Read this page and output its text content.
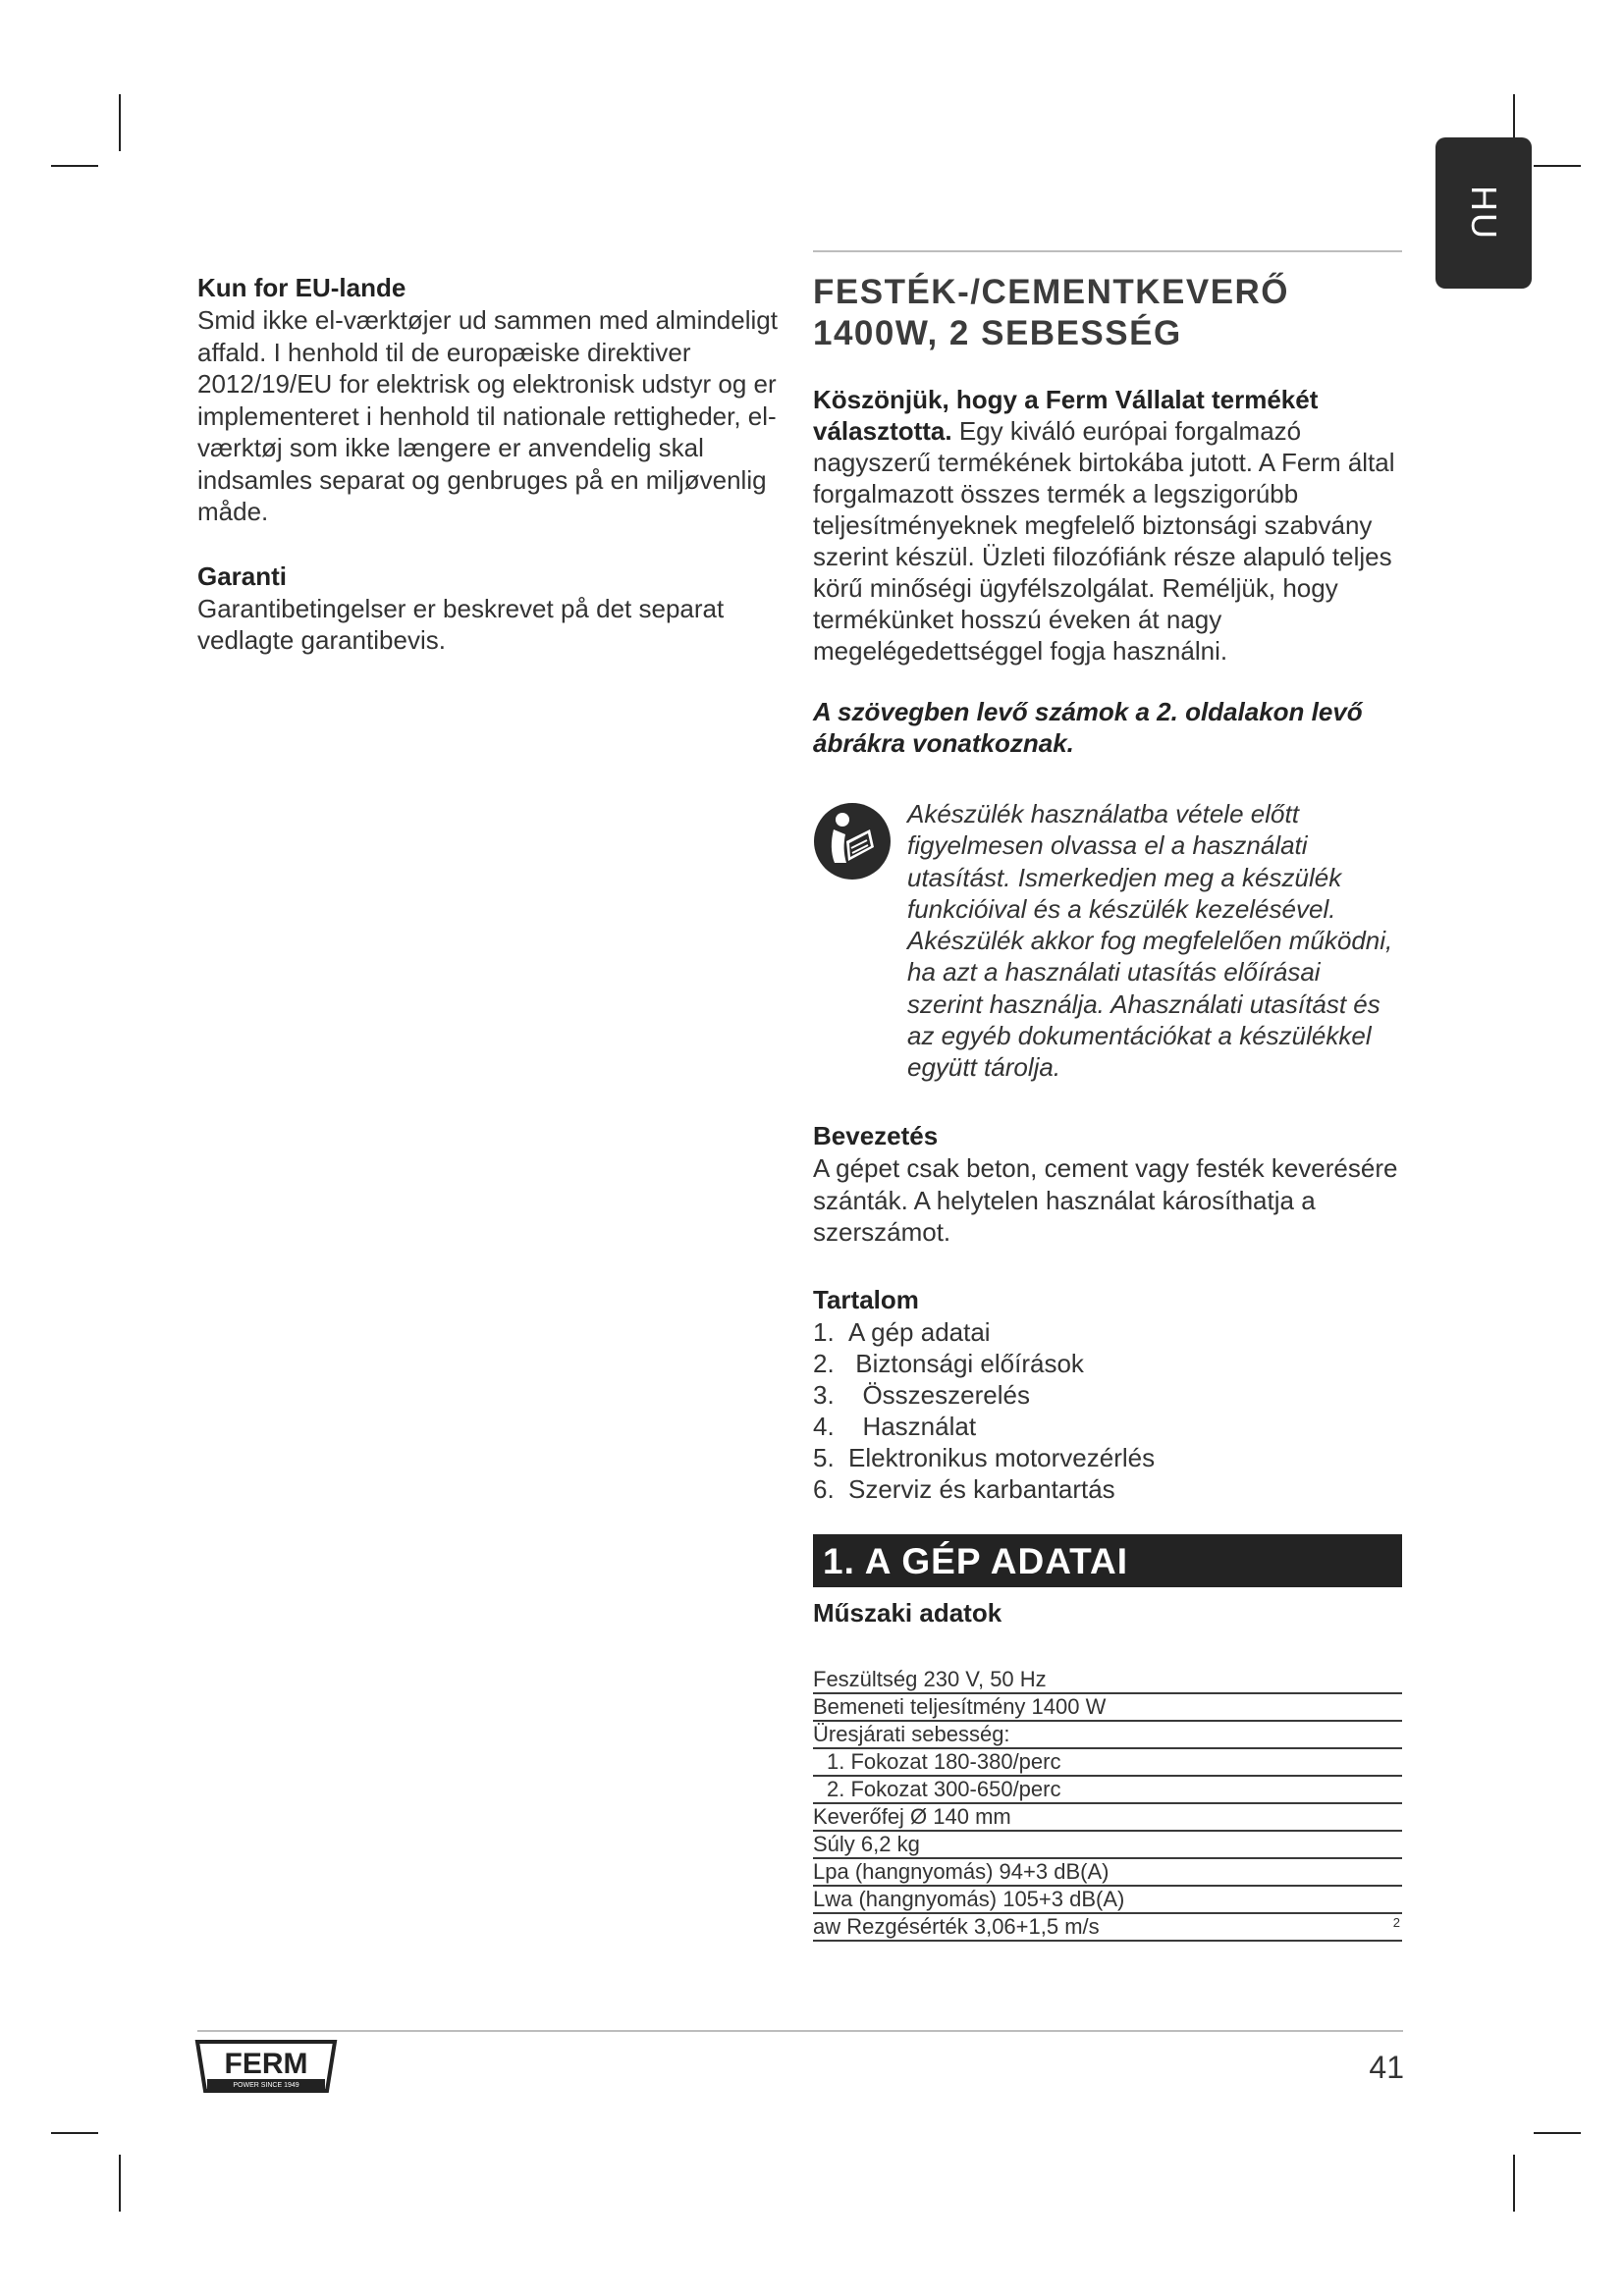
HU
Kun for EU-lande
Smid ikke el-værktøjer ud sammen med almindeligt affald. I henhold til de europæiske direktiver 2012/19/EU for elektrisk og elektronisk udstyr og er implementeret i henhold til nationale rettigheder, el-værktøj som ikke længere er anvendelig skal indsamles separat og genbruges på en miljøvenlig måde.
Garanti
Garantibetingelser er beskrevet på det separat vedlagte garantibevis.
FESTÉK-/CEMENTKEVERŐ 1400W, 2 SEBESSÉG
Köszönjük, hogy a Ferm Vállalat termékét választotta. Egy kiváló európai forgalmazó nagyszerű termékének birtokába jutott. A Ferm által forgalmazott összes termék a legszigorúbb teljesítményeknek megfelelő biztonsági szabvány szerint készül. Üzleti filozófiánk része alapuló teljes körű minőségi ügyfélszolgálat. Reméljük, hogy termékünket hosszú éveken át nagy megelégedettséggel fogja használni.
A szövegben levő számok a 2. oldalakon levő ábrákra vonatkoznak.
Akészülék használatba vétele előtt figyelmesen olvassa el a használati utasítást. Ismerkedjen meg a készülék funkcióival és a készülék kezelésével. Akészülék akkor fog megfelelően működni, ha azt a használati utasítás előírásai szerint használja. Ahasználati utasítást és az egyéb dokumentációkat a készülékkel együtt tárolja.
Bevezetés
A gépet csak beton, cement vagy festék keverésére szánták. A helytelen használat károsíthatja a szerszámot.
Tartalom
1. A gép adatai
2. Biztonsági előírások
3.  Összeszerelés
4.  Használat
5. Elektronikus motorvezérlés
6. Szerviz és karbantartás
1. A GÉP ADATAI
Műszaki adatok
Feszültség 230 V, 50 Hz
Bemeneti teljesítmény 1400 W
Üresjárati sebesség:
1. Fokozat 180-380/perc
2. Fokozat 300-650/perc
Keverőfej Ø 140 mm
Súly 6,2 kg
Lpa (hangnyomás) 94+3 dB(A)
Lwa (hangnyomás) 105+3 dB(A)
aw Rezgésérték 3,06+1,5 m/s	2
FERM
POWER SINCE 1949
41
